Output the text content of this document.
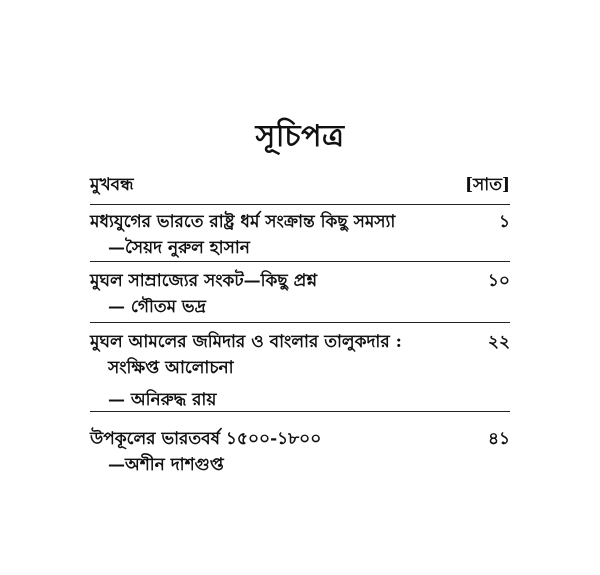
সূচিপত্র
মুখবন্ধ	[সাত]
মধ্যযুগের ভারতে রাষ্ট্র ধর্ম সংক্রান্ত কিছু সমস্যা
—সৈয়দ নুরুল হাসান
১
মুঘল সাম্রাজ্যের সংকট—কিছু প্রশ্ন
— গৌতম ভদ্র
১০
মুঘল আমলের জমিদার ও বাংলার তালুকদার :
সংক্ষিপ্ত আলোচনা
২২
— অনিরুদ্ধ রায়
উপকূলের ভারতবর্ষ ১৫০০-১৮০০
—অশীন দাশগুপ্ত
৪১
